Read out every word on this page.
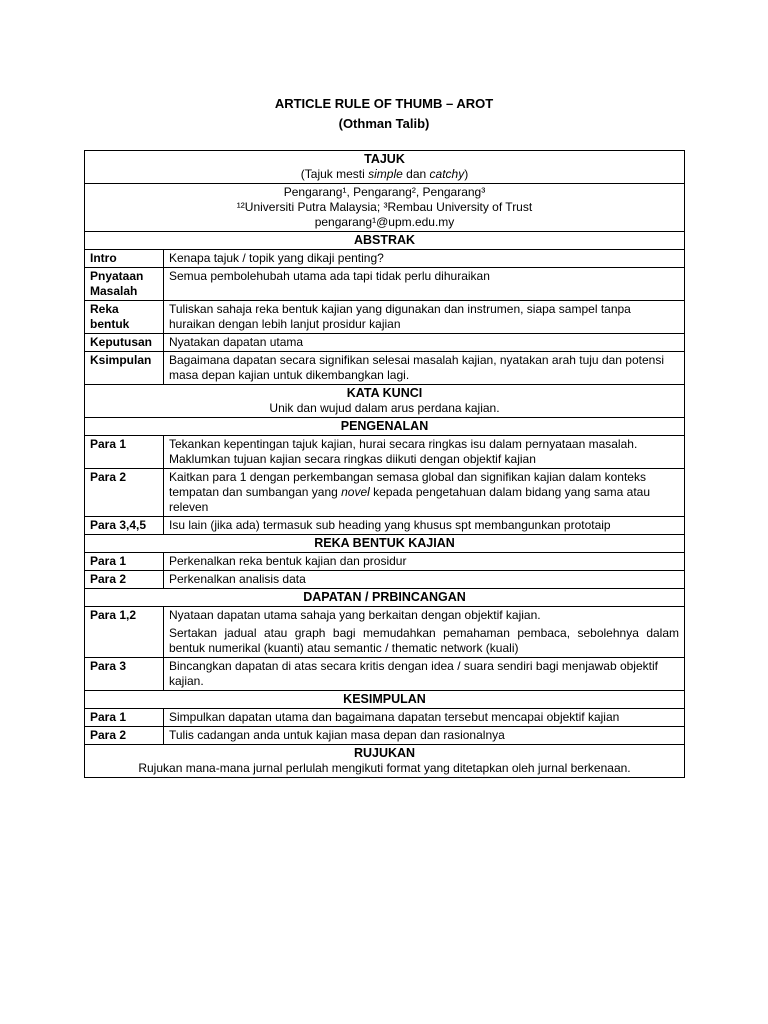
ARTICLE RULE OF THUMB – AROT
(Othman Talib)
TAJUK
(Tajuk mesti simple dan catchy)	

Pengarang¹, Pengarang², Pengarang³
¹²Universiti Putra Malaysia; ³Rembau University of Trust
pengarang¹@upm.edu.my	

ABSTRAK	
Intro	Kenapa tajuk / topik yang dikaji penting?
Pnyataan Masalah	Semua pembolehubah utama ada tapi tidak perlu dihuraikan
Reka bentuk	Tuliskan sahaja reka bentuk kajian yang digunakan dan instrumen, siapa sampel tanpa huraikan dengan lebih lanjut prosidur kajian
Keputusan	Nyatakan dapatan utama
Ksimpulan	Bagaimana dapatan secara signifikan selesai masalah kajian, nyatakan arah tuju dan potensi masa depan kajian untuk dikembangkan lagi.

KATA KUNCI
Unik dan wujud dalam arus perdana kajian.	

PENGENALAN	
Para 1	Tekankan kepentingan tajuk kajian, hurai secara ringkas isu dalam pernyataan masalah.
Maklumkan tujuan kajian secara ringkas diikuti dengan objektif kajian

Para 2	Kaitkan para 1 dengan perkembangan semasa global dan signifikan kajian dalam konteks tempatan dan sumbangan yang novel kepada pengetahuan dalam bidang yang sama atau releven
Para 3,4,5	Isu lain (jika ada) termasuk sub heading yang khusus spt membangunkan prototaip
REKA BENTUK KAJIAN	
Para 1	Perkenalkan reka bentuk kajian dan prosidur
Para 2	Perkenalkan analisis data
DAPATAN / PRBINCANGAN	
Para 1,2	Nyataan dapatan utama sahaja yang berkaitan dengan objektif kajian.
Sertakan jadual atau graph bagi memudahkan pemahaman pembaca, sebolehnya dalam bentuk numerikal (kuanti) atau semantic / thematic network (kuali)

Para 3	Bincangkan dapatan di atas secara kritis dengan idea / suara sendiri bagi menjawab objektif kajian.
KESIMPULAN	
Para 1	Simpulkan dapatan utama dan bagaimana dapatan tersebut mencapai objektif kajian
Para 2	Tulis cadangan anda untuk kajian masa depan dan rasionalnya

RUJUKAN
Rujukan mana-mana jurnal perlulah mengikuti format yang ditetapkan oleh jurnal berkenaan.	
